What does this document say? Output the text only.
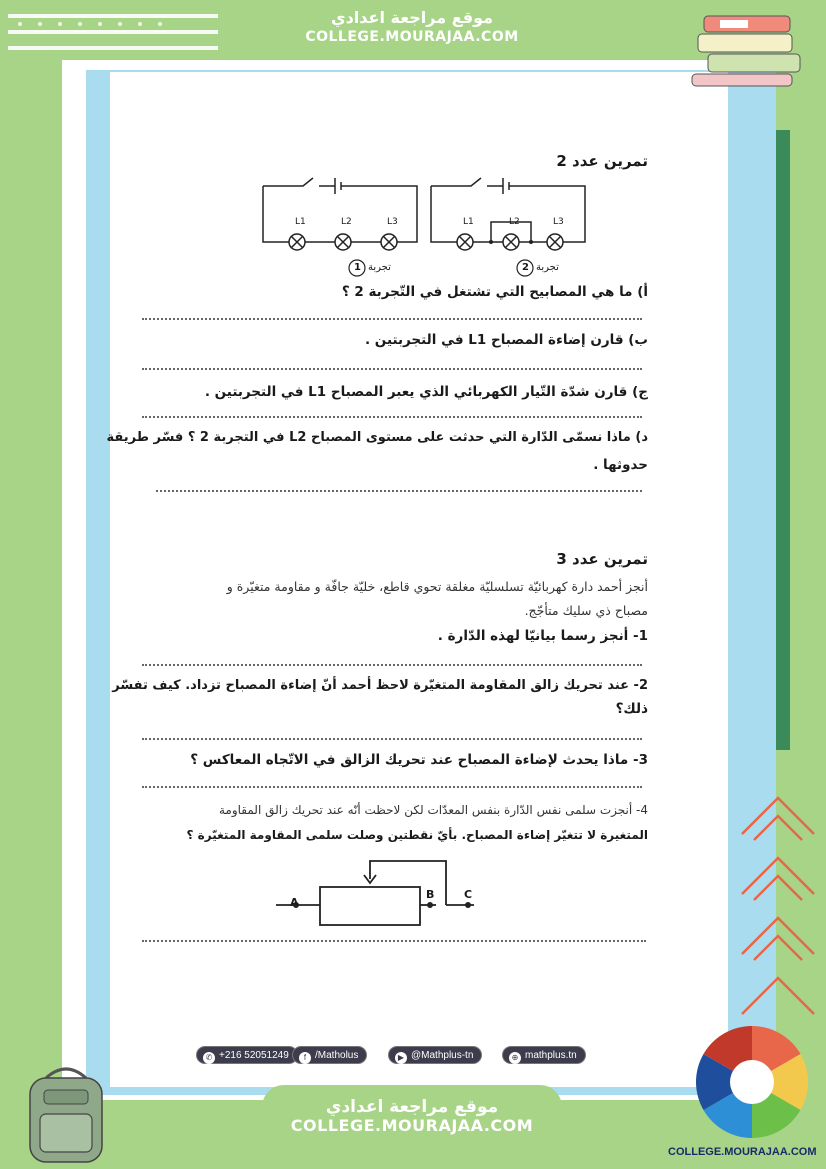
موقع مراجعة اعدادي
COLLEGE.MOURAJAA.COM
تمرين عدد 2
L1	L2	L3	L1	L2	L3
1 تجربة	2 تجربة
أ) ما هي المصابيح التي تشتغل في التّجربة 2 ؟
ب) قارن إضاءة المصباح L1 في التجربتين .
ج) قارن شدّة التّيار الكهربائي الذي يعبر المصباح L1 في التجربتين .
د) ماذا نسمّى الدّارة التي حدثت على مستوى المصباح L2 في التجربة 2 ؟ فسّر طريقة
حدوثها .
تمرين عدد 3
أنجز أحمد دارة كهربائيّة تسلسليّة مغلقة تحوي قاطع، خليّة جافّة و مقاومة متغيّرة و
مصباح ذي سليك متأجّج.
1- أنجز رسما بيانيّا لهذه الدّارة .
2- عند تحريك زالق المقاومة المتغيّرة لاحظ أحمد أنّ إضاءة المصباح تزداد. كيف تفسّر
ذلك؟
3- ماذا يحدث لإضاءة المصباح عند تحريك الزالق في الاتّجاه المعاكس ؟
4- أنجزت سلمى نفس الدّارة بنفس المعدّات لكن لاحظت أنّه عند تحريك زالق المقاومة
المتغيرة لا تتغيّر إضاءة المصباح. بأيّ نقطتين وصلت سلمى المقاومة المتغيّرة ؟
A
B	C
✆ +216 52051249	f /Matholus	▶ @Mathplus-tn	⊕ mathplus.tn
موقع مراجعة اعدادي
COLLEGE.MOURAJAA.COM
COLLEGE.MOURAJAA.COM
